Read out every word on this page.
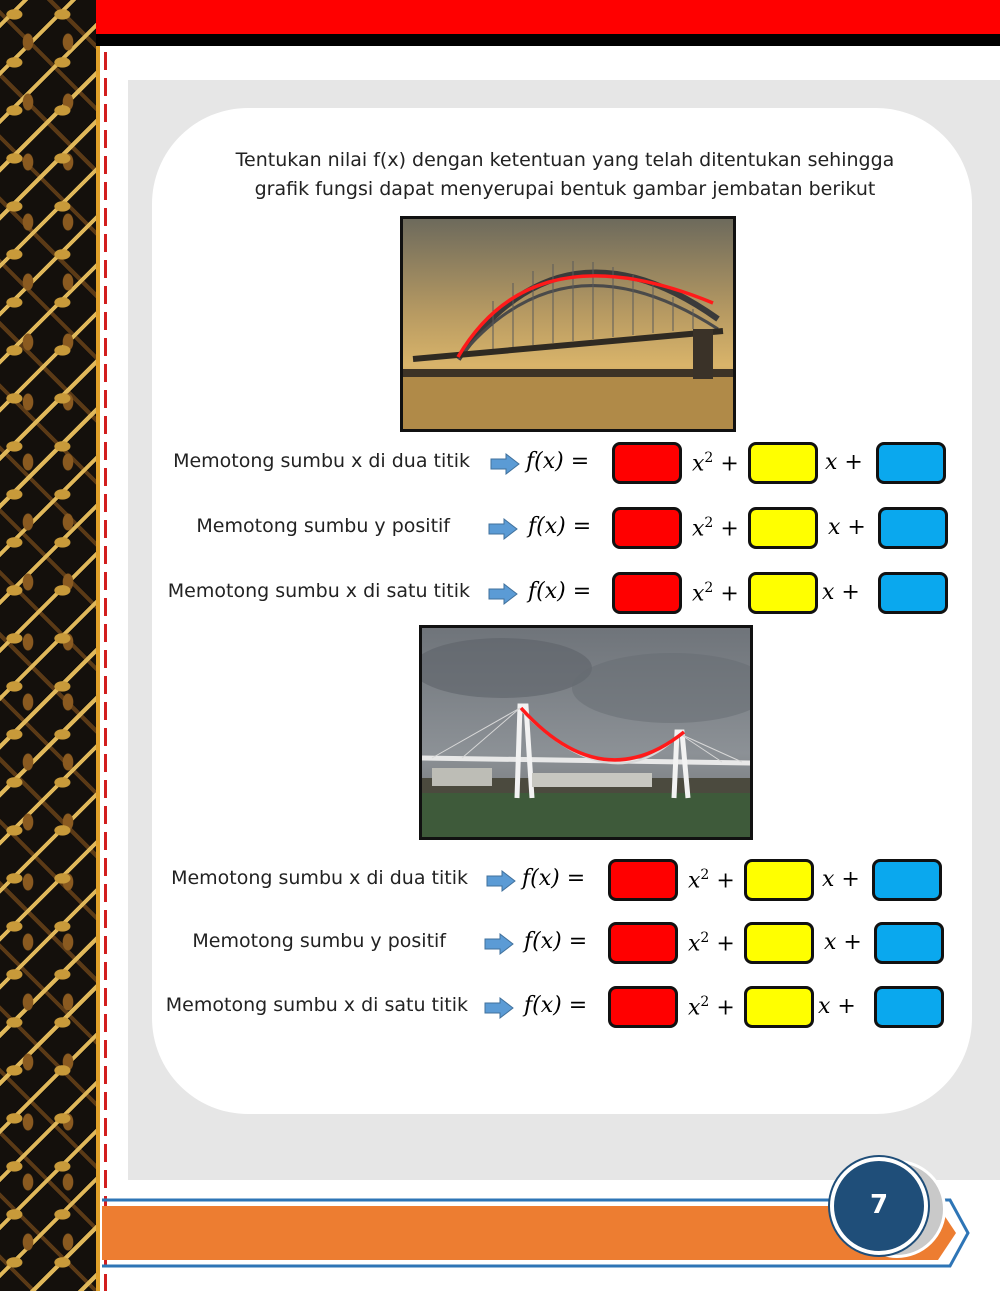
Tentukan nilai f(x) dengan ketentuan yang telah ditentukan sehingga
grafik fungsi dapat menyerupai bentuk gambar jembatan berikut
Memotong sumbu x di dua titik	𝑓(𝑥) =	$x^2$ +	x +
Memotong sumbu y positif	𝑓(𝑥) =	$x^2$ +	x +
Memotong sumbu x di satu titik	𝑓(𝑥) =	$x^2$ +	x +
Memotong sumbu x di dua titik 𝑓(𝑥) =	$x^2$ +	x +
Memotong sumbu y positif	𝑓(𝑥) =	$x^2$ +	x +
Memotong sumbu x di satu titik	𝑓(𝑥) =	$x^2$ +	x +
7
